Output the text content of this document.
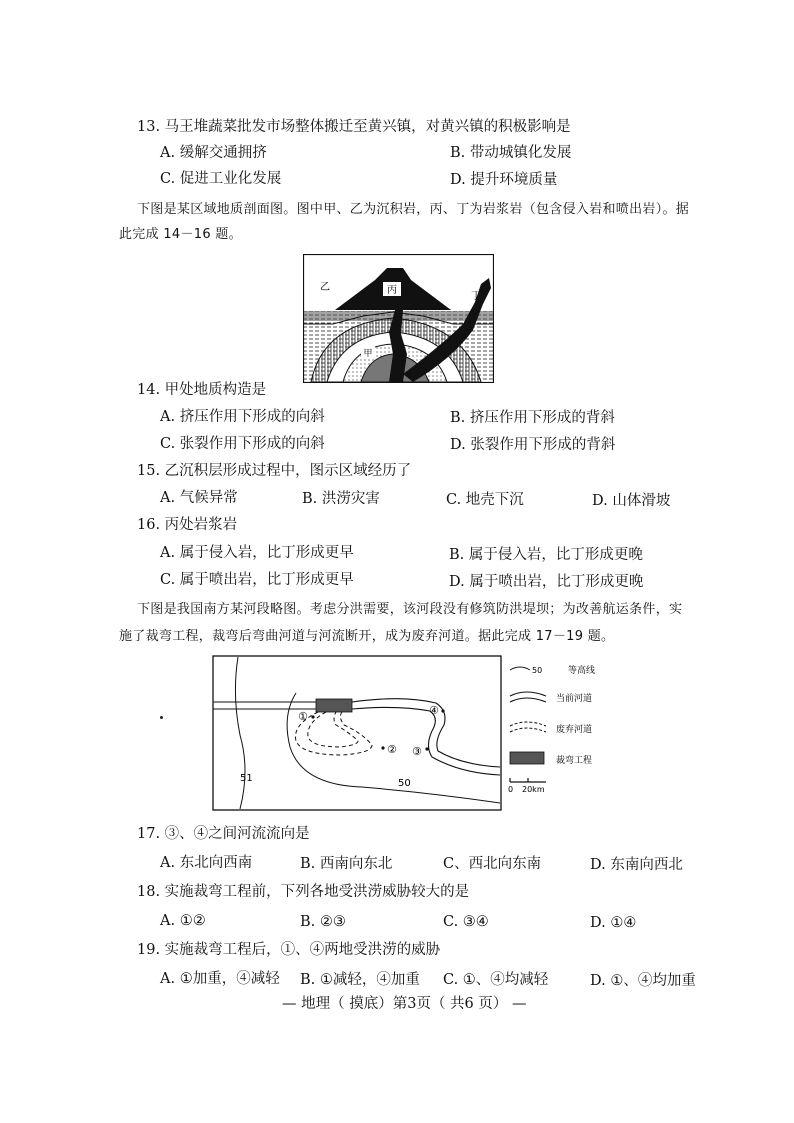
13. 马王堆蔬菜批发市场整体搬迁至黄兴镇，对黄兴镇的积极影响是
A. 缓解交通拥挤	B. 带动城镇化发展
C. 促进工业化发展	D. 提升环境质量
下图是某区域地质剖面图。图中甲、乙为沉积岩，丙、丁为岩浆岩（包含侵入岩和喷出岩）。据
此完成 14－16 题。
丙
乙
丁
甲
14. 甲处地质构造是
A. 挤压作用下形成的向斜	B. 挤压作用下形成的背斜
C. 张裂作用下形成的向斜	D. 张裂作用下形成的背斜
15. 乙沉积层形成过程中，图示区域经历了
A. 气候异常	B. 洪涝灾害	C. 地壳下沉	D. 山体滑坡
16. 丙处岩浆岩
A. 属于侵入岩，比丁形成更早	B. 属于侵入岩，比丁形成更晚
C. 属于喷出岩，比丁形成更早	D. 属于喷出岩，比丁形成更晚
下图是我国南方某河段略图。考虑分洪需要，该河段没有修筑防洪堤坝；为改善航运条件，实
施了裁弯工程，裁弯后弯曲河道与河流断开，成为废弃河道。据此完成 17－19 题。
①
② ③
④
51	50
50	等高线
当前河道
废弃河道
裁弯工程
0 20km
17. ③、④之间河流流向是
A. 东北向西南	B. 西南向东北	C、西北向东南	D. 东南向西北
18. 实施裁弯工程前，下列各地受洪涝威胁较大的是
A. ①②	B. ②③	C. ③④	D. ①④
19. 实施裁弯工程后，①、④两地受洪涝的威胁
A. ①加重，④减轻 B. ①减轻，④加重 C. ①、④均减轻	D. ①、④均加重
— 地理（ 摸底）第3页（ 共6 页） —
